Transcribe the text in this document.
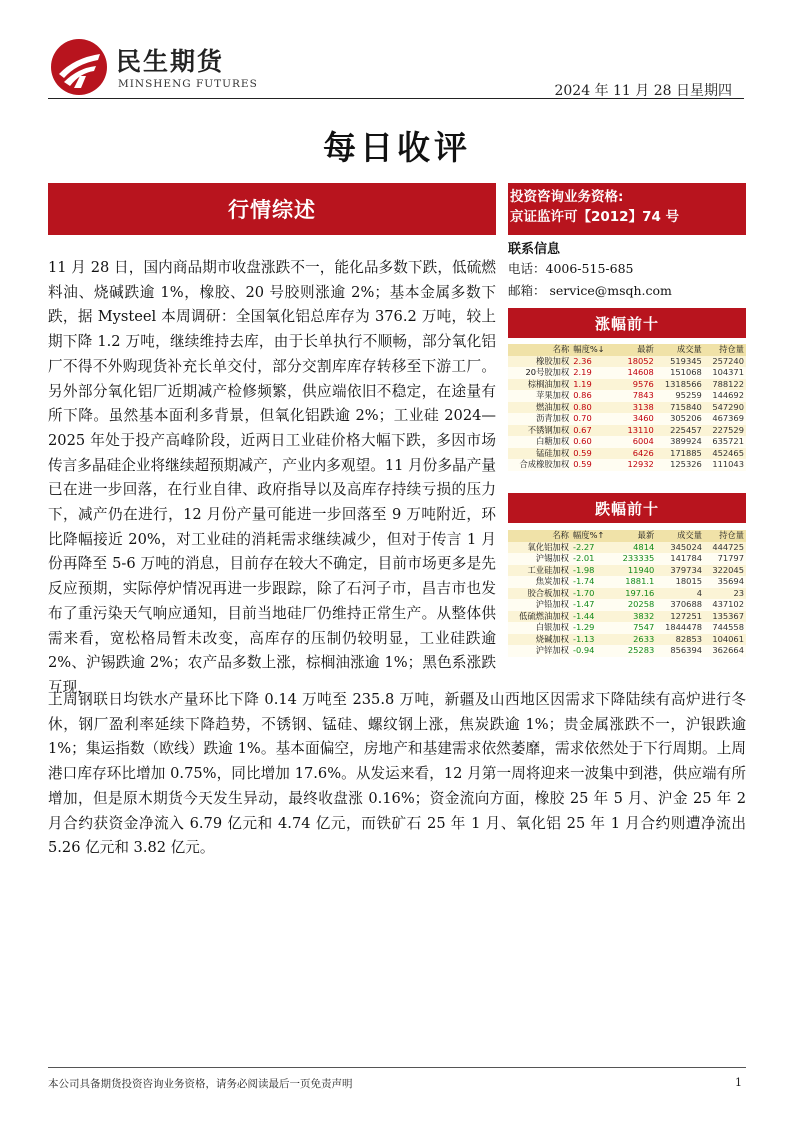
民生期货
MINSHENG FUTURES	2024 年 11 月 28 日星期四
每日收评
行情综述
投资咨询业务资格:
京证监许可【2012】74 号
联系信息
电话：4006-515-685
邮箱： service@msqh.com

11 月 28 日，国内商品期市收盘涨跌不一，能化品多数下跌，低硫燃料油、烧碱跌逾 1%，橡胶、20 号胶则涨逾 2%；基本金属多数下跌，据 Mysteel 本周调研：全国氧化铝总库存为 376.2 万吨，较上期下降 1.2 万吨，继续维持去库，由于长单执行不顺畅，部分氧化铝厂不得不外购现货补充长单交付，部分交割库库存转移至下游工厂。另外部分氧化铝厂近期减产检修频繁，供应端依旧不稳定，在途量有所下降。虽然基本面利多背景，但氧化铝跌逾 2%；工业硅 2024—2025 年处于投产高峰阶段，近两日工业硅价格大幅下跌，多因市场传言多晶硅企业将继续超预期减产，产业内多观望。11 月份多晶产量已在进一步回落，在行业自律、政府指导以及高库存持续亏损的压力下，减产仍在进行，12 月份产量可能进一步回落至 9 万吨附近，环比降幅接近 20%，对工业硅的消耗需求继续减少，但对于传言 1 月份再降至 5-6 万吨的消息，目前存在较大不确定，目前市场更多是先反应预期，实际停炉情况再进一步跟踪，除了石河子市，昌吉市也发布了重污染天气响应通知，目前当地硅厂仍维持正常生产。从整体供需来看，宽松格局暂未改变，高库存的压制仍较明显，工业硅跌逾 2%、沪锡跌逾 2%；农产品多数上涨，棕榈油涨逾 1%；黑色系涨跌互现，

上周钢联日均铁水产量环比下降 0.14 万吨至 235.8 万吨，新疆及山西地区因需求下降陆续有高炉进行冬休，钢厂盈利率延续下降趋势，不锈钢、锰硅、螺纹钢上涨，焦炭跌逾 1%；贵金属涨跌不一，沪银跌逾 1%；集运指数（欧线）跌逾 1%。基本面偏空，房地产和基建需求依然萎靡，需求依然处于下行周期。上周港口库存环比增加 0.75%，同比增加 17.6%。从发运来看，12 月第一周将迎来一波集中到港，供应端有所增加，但是原木期货今天发生异动，最终收盘涨 0.16%；资金流向方面，橡胶 25 年 5 月、沪金 25 年 2 月合约获资金净流入 6.79 亿元和 4.74 亿元，而铁矿石 25 年 1 月、氧化铝 25 年 1 月合约则遭净流出 5.26 亿元和 3.82 亿元。

涨幅前十
名称	幅度%↓	最新	成交量	持仓量
橡胶加权	2.36	18052	519345	257240
20号胶加权	2.19	14608	151068	104371
棕榈油加权	1.19	9576	1318566	788122
苹果加权	0.86	7843	95259	144692
燃油加权	0.80	3138	715840	547290
沥青加权	0.70	3460	305206	467369
不锈钢加权	0.67	13110	225457	227529
白糖加权	0.60	6004	389924	635721
锰硅加权	0.59	6426	171885	452465
合成橡胶加权	0.59	12932	125326	111043
跌幅前十
名称	幅度%↑	最新	成交量	持仓量
氧化铝加权	-2.27	4814	345024	444725
沪锡加权	-2.01	233335	141784	71797
工业硅加权	-1.98	11940	379734	322045
焦炭加权	-1.74	1881.1	18015	35694
胶合板加权	-1.70	197.16	4	23
沪铅加权	-1.47	20258	370688	437102
低硫燃油加权	-1.44	3832	127251	135367
白银加权	-1.29	7547	1844478	744558
烧碱加权	-1.13	2633	82853	104061
沪锌加权	-0.94	25283	856394	362664
本公司具备期货投资咨询业务资格，请务必阅读最后一页免责声明	1
